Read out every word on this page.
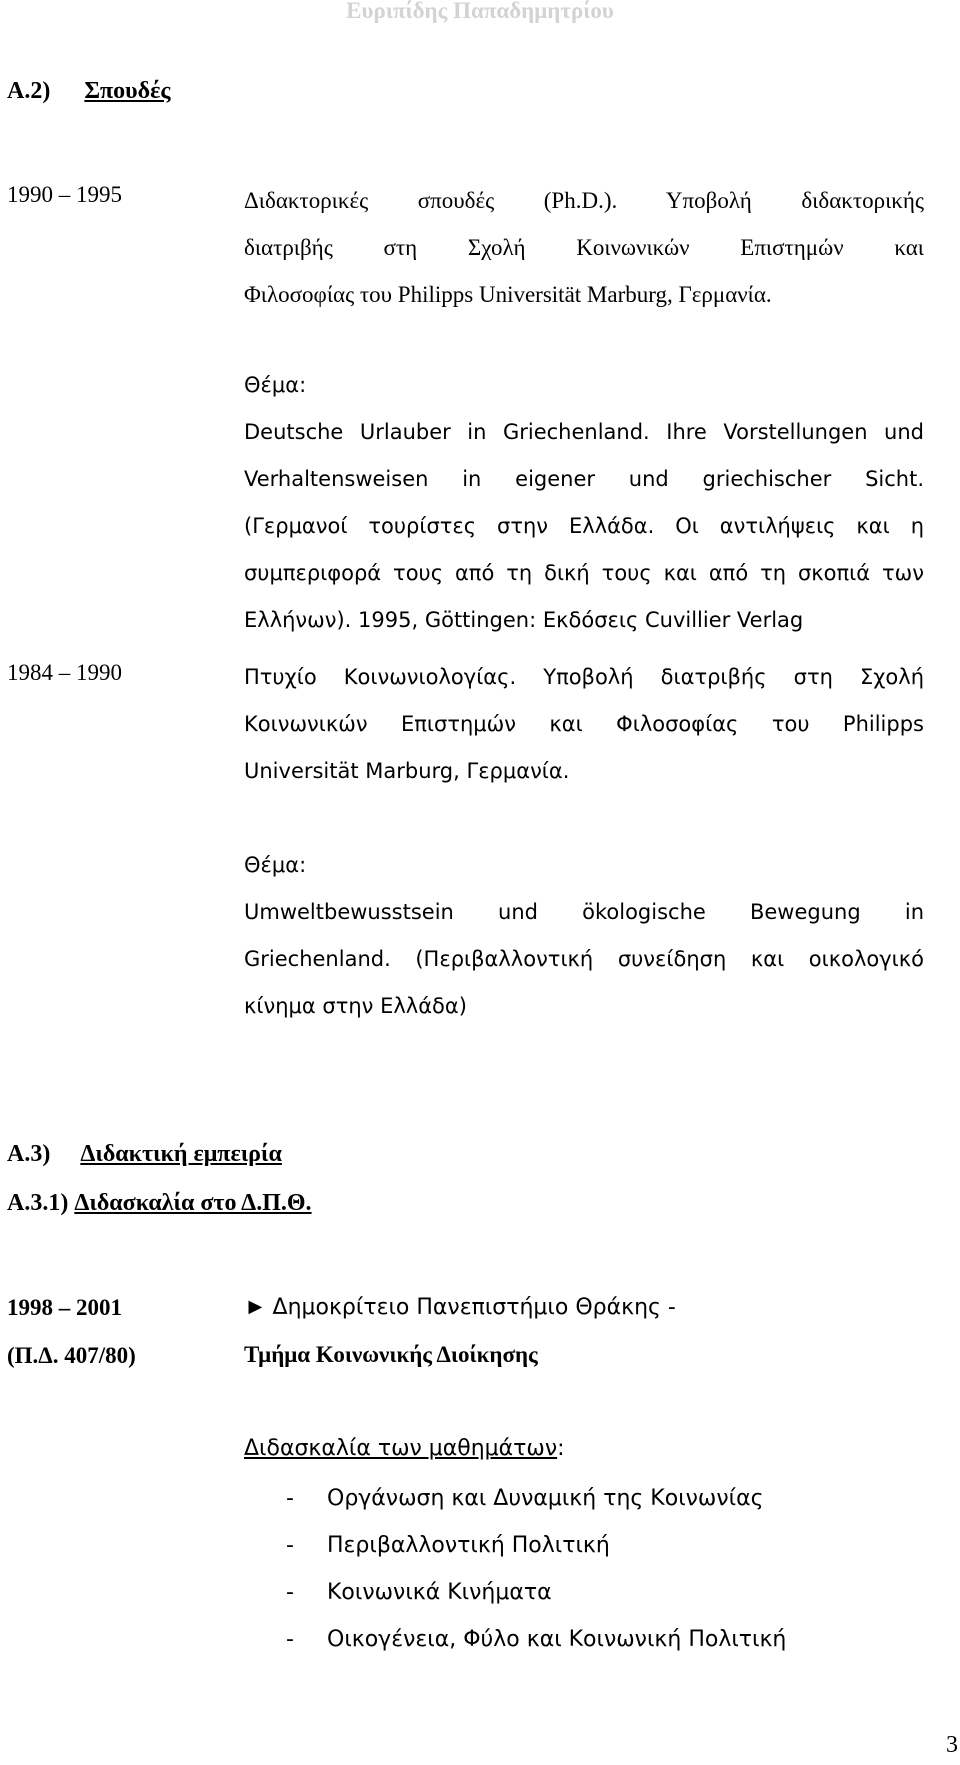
Ευριπίδης Παπαδημητρίου
Α.2) Σπουδές
1990 – 1995	Διδακτορικές σπουδές (Ph.D.). Υποβολή διδακτορικής
διατριβής στη Σχολή Κοινωνικών Επιστημών και
Φιλοσοφίας του Philipps Universität Marburg, Γερμανία.
Θέμα:
Deutsche Urlauber in Griechenland. Ihre Vorstellungen und
Verhaltensweisen in eigener und griechischer Sicht.
(Γερμανοί τουρίστες στην Ελλάδα. Οι αντιλήψεις και η
συμπεριφορά τους από τη δική τους και από τη σκοπιά των
Ελλήνων). 1995, Göttingen: Εκδόσεις Cuvillier Verlag
1984 – 1990	Πτυχίο Κοινωνιολογίας. Υποβολή διατριβής στη Σχολή
Κοινωνικών Επιστημών και Φιλοσοφίας του Philipps
Universität Marburg, Γερμανία.
Θέμα:
Umweltbewusstsein und ökologische Bewegung in
Griechenland. (Περιβαλλοντική συνείδηση και οικολογικό
κίνημα στην Ελλάδα)
Α.3) Διδακτική εμπειρία
Α.3.1) Διδασκαλία στο Δ.Π.Θ.
1998 – 2001
(Π.Δ. 407/80)
► Δημοκρίτειο Πανεπιστήμιο Θράκης -
Τμήμα Κοινωνικής Διοίκησης
Διδασκαλία των μαθημάτων:
- Οργάνωση και Δυναμική της Κοινωνίας
- Περιβαλλοντική Πολιτική
- Κοινωνικά Κινήματα
- Οικογένεια, Φύλο και Κοινωνική Πολιτική
3
